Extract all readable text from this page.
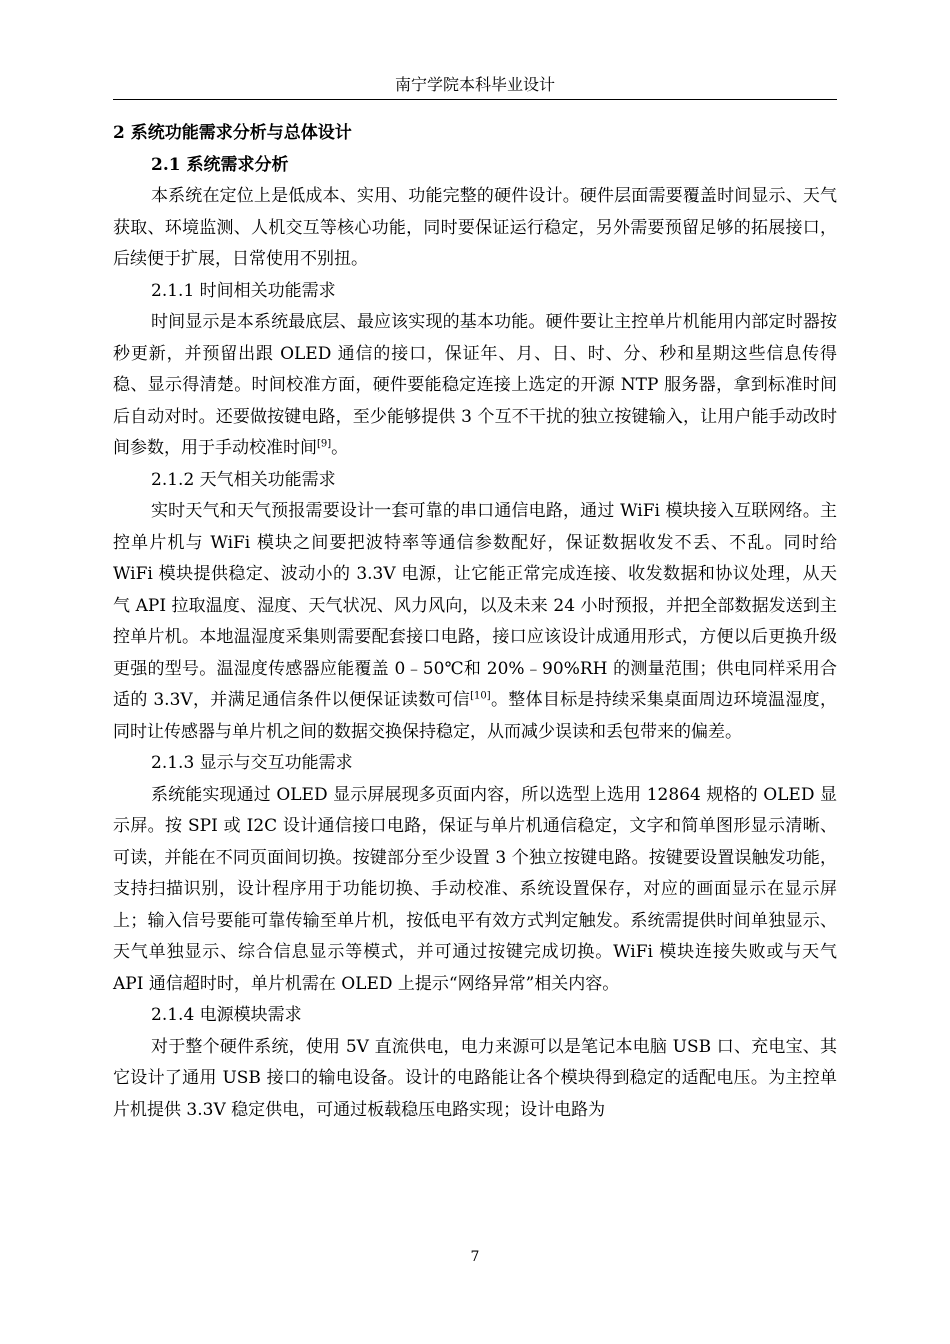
南宁学院本科毕业设计

2 系统功能需求分析与总体设计

2.1 系统需求分析

本系统在定位上是低成本、实用、功能完整的硬件设计。硬件层面需要覆盖时间显示、天气获取、环境监测、人机交互等核心功能，同时要保证运行稳定，另外需要预留足够的拓展接口，后续便于扩展，日常使用不别扭。

2.1.1 时间相关功能需求

时间显示是本系统最底层、最应该实现的基本功能。硬件要让主控单片机能用内部定时器按秒更新，并预留出跟 OLED 通信的接口，保证年、月、日、时、分、秒和星期这些信息传得稳、显示得清楚。时间校准方面，硬件要能稳定连接上选定的开源 NTP 服务器，拿到标准时间后自动对时。还要做按键电路，至少能够提供 3 个互不干扰的独立按键输入，让用户能手动改时间参数，用于手动校准时间[9]。

2.1.2 天气相关功能需求

实时天气和天气预报需要设计一套可靠的串口通信电路，通过 WiFi 模块接入互联网络。主控单片机与 WiFi 模块之间要把波特率等通信参数配好，保证数据收发不丢、不乱。同时给 WiFi 模块提供稳定、波动小的 3.3V 电源，让它能正常完成连接、收发数据和协议处理，从天气 API 拉取温度、湿度、天气状况、风力风向，以及未来 24 小时预报，并把全部数据发送到主控单片机。本地温湿度采集则需要配套接口电路，接口应该设计成通用形式，方便以后更换升级更强的型号。温湿度传感器应能覆盖 0﹣50℃和 20%﹣90%RH 的测量范围；供电同样采用合适的 3.3V，并满足通信条件以便保证读数可信[10]。整体目标是持续采集桌面周边环境温湿度，同时让传感器与单片机之间的数据交换保持稳定，从而减少误读和丢包带来的偏差。

2.1.3 显示与交互功能需求

系统能实现通过 OLED 显示屏展现多页面内容，所以选型上选用 12864 规格的 OLED 显示屏。按 SPI 或 I2C 设计通信接口电路，保证与单片机通信稳定，文字和简单图形显示清晰、可读，并能在不同页面间切换。按键部分至少设置 3 个独立按键电路。按键要设置误触发功能，支持扫描识别，设计程序用于功能切换、手动校准、系统设置保存，对应的画面显示在显示屏上；输入信号要能可靠传输至单片机，按低电平有效方式判定触发。系统需提供时间单独显示、天气单独显示、综合信息显示等模式，并可通过按键完成切换。WiFi 模块连接失败或与天气 API 通信超时时，单片机需在 OLED 上提示“网络异常”相关内容。

2.1.4 电源模块需求

对于整个硬件系统，使用 5V 直流供电，电力来源可以是笔记本电脑 USB 口、充电宝、其它设计了通用 USB 接口的输电设备。设计的电路能让各个模块得到稳定的适配电压。为主控单片机提供 3.3V 稳定供电，可通过板载稳压电路实现；设计电路为

7
